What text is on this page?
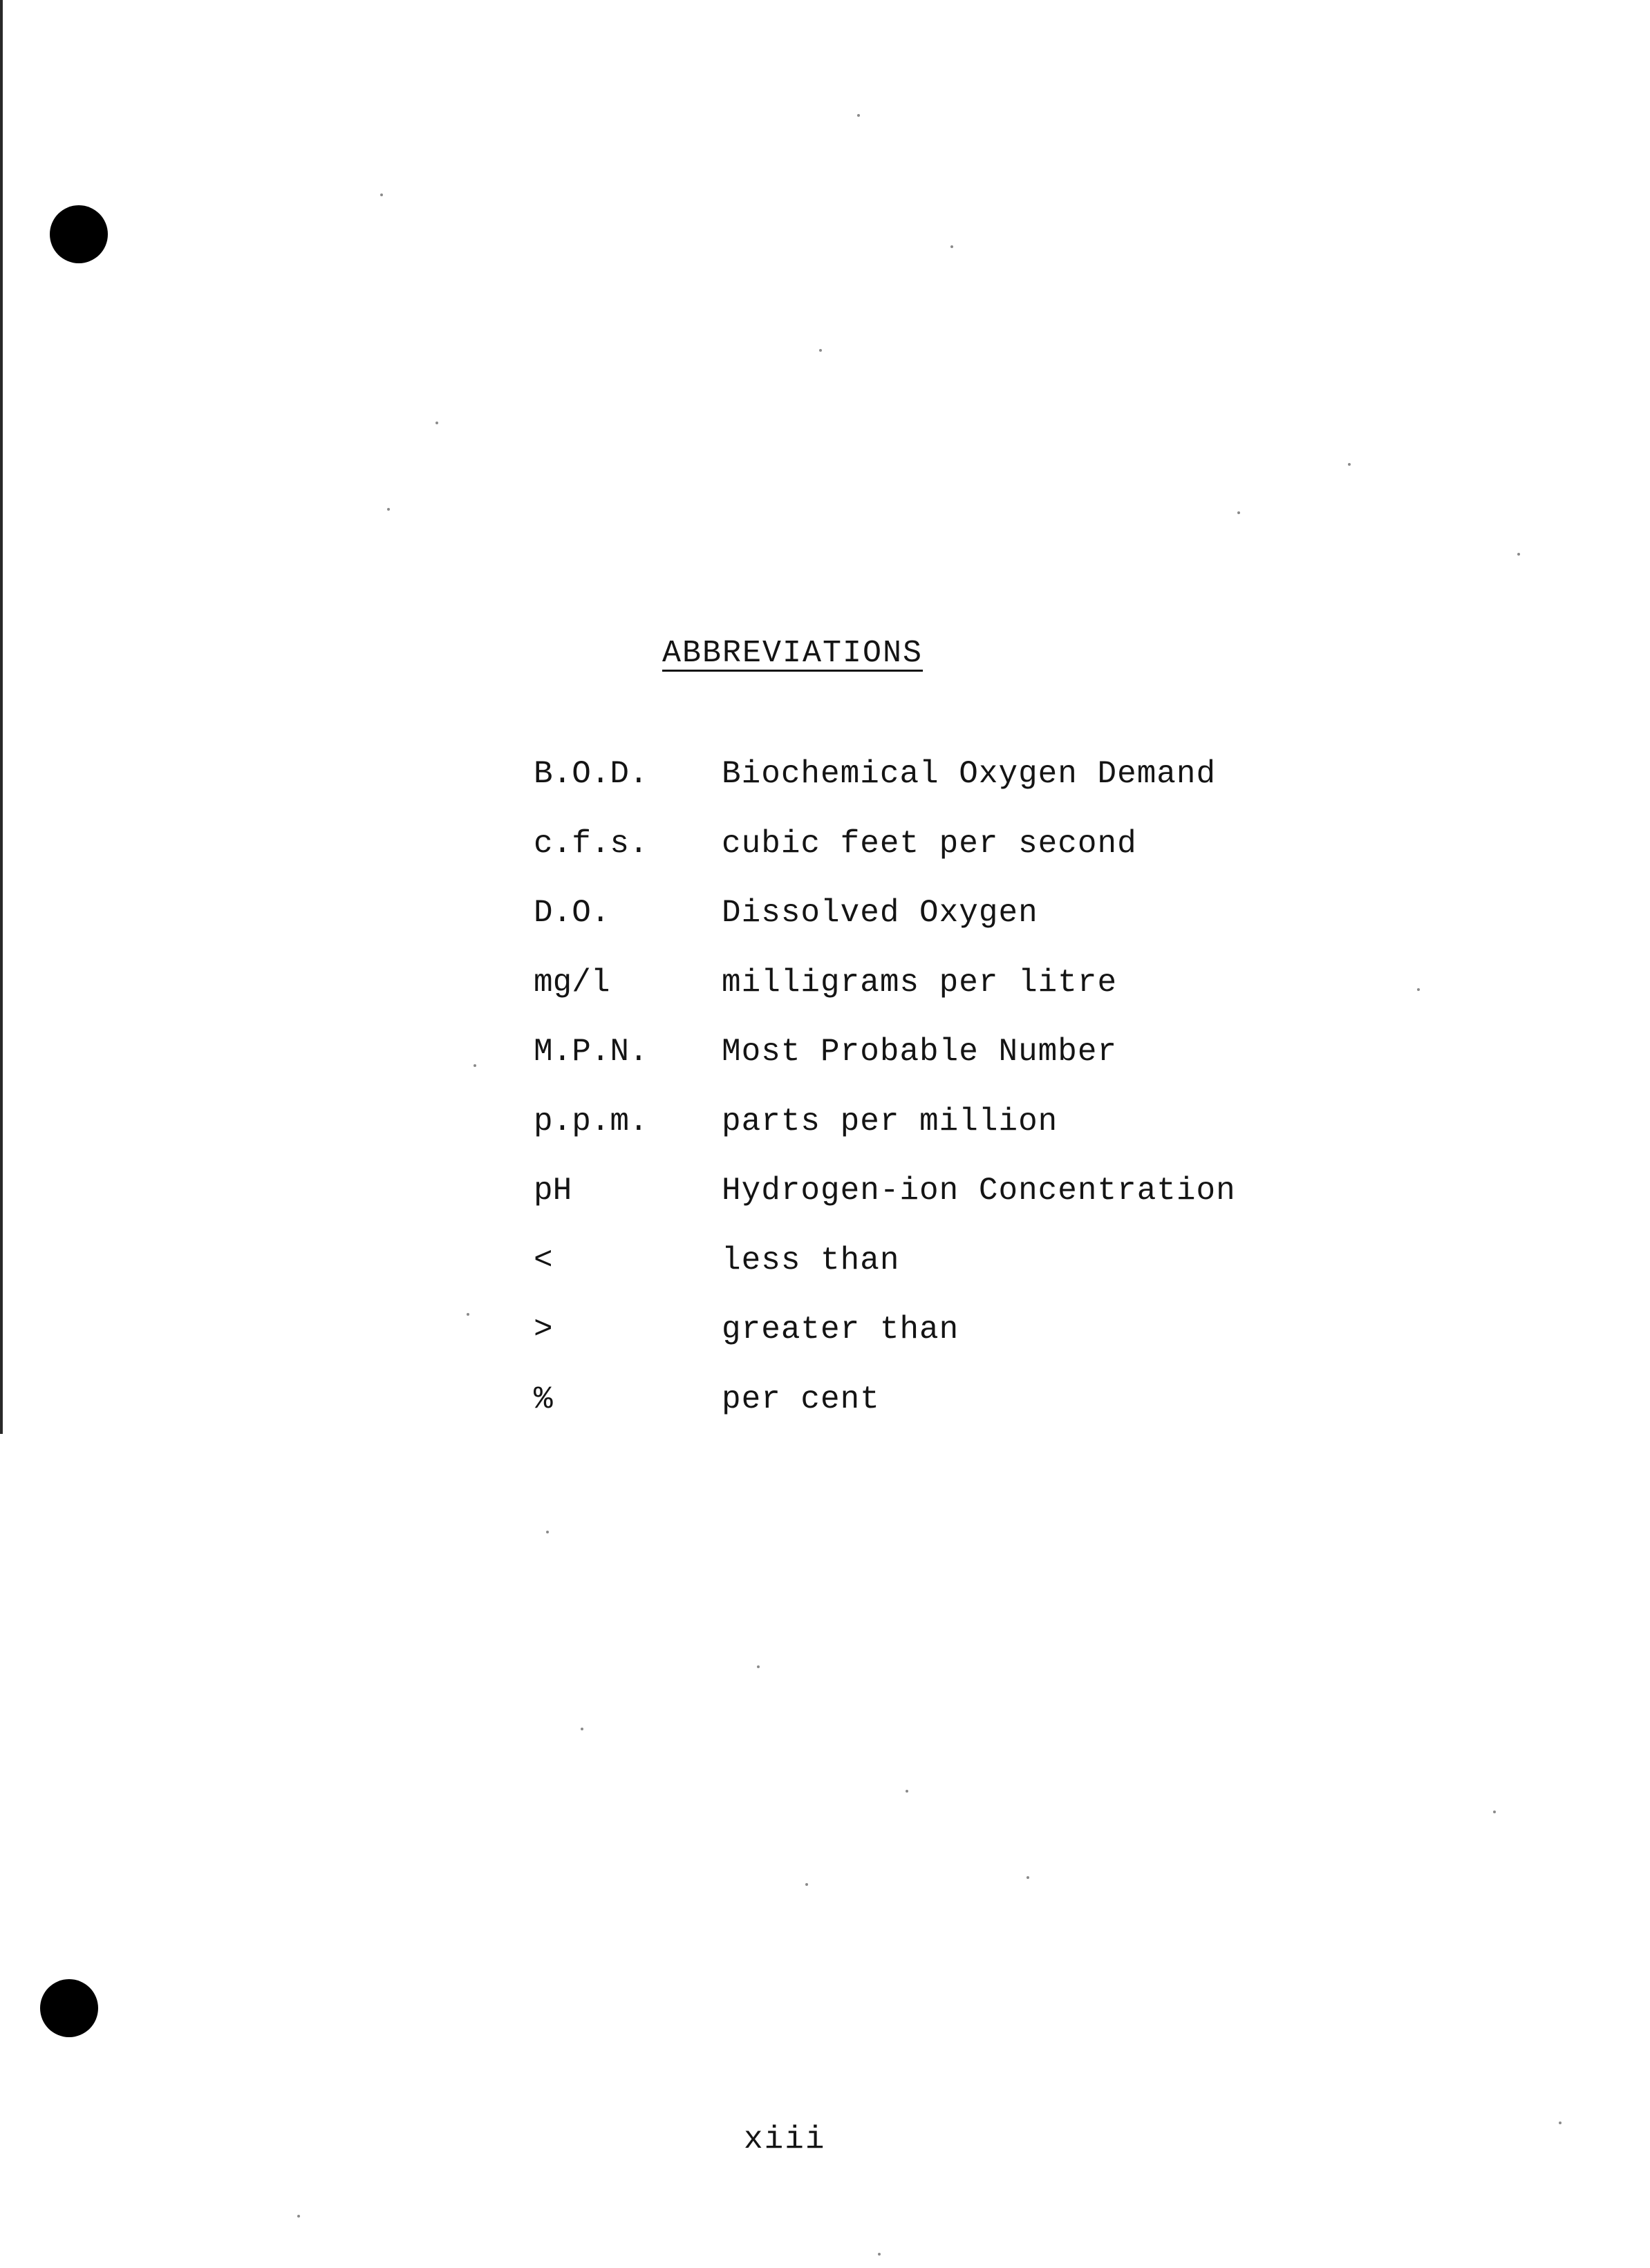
ABBREVIATIONS
B.O.D.	Biochemical Oxygen Demand
c.f.s.	cubic feet per second
D.O.	Dissolved Oxygen
mg/l	milligrams per litre
M.P.N.	Most Probable Number
p.p.m.	parts per million
pH	Hydrogen-ion Concentration
<	less than
>	greater than
%	per cent
xiii
